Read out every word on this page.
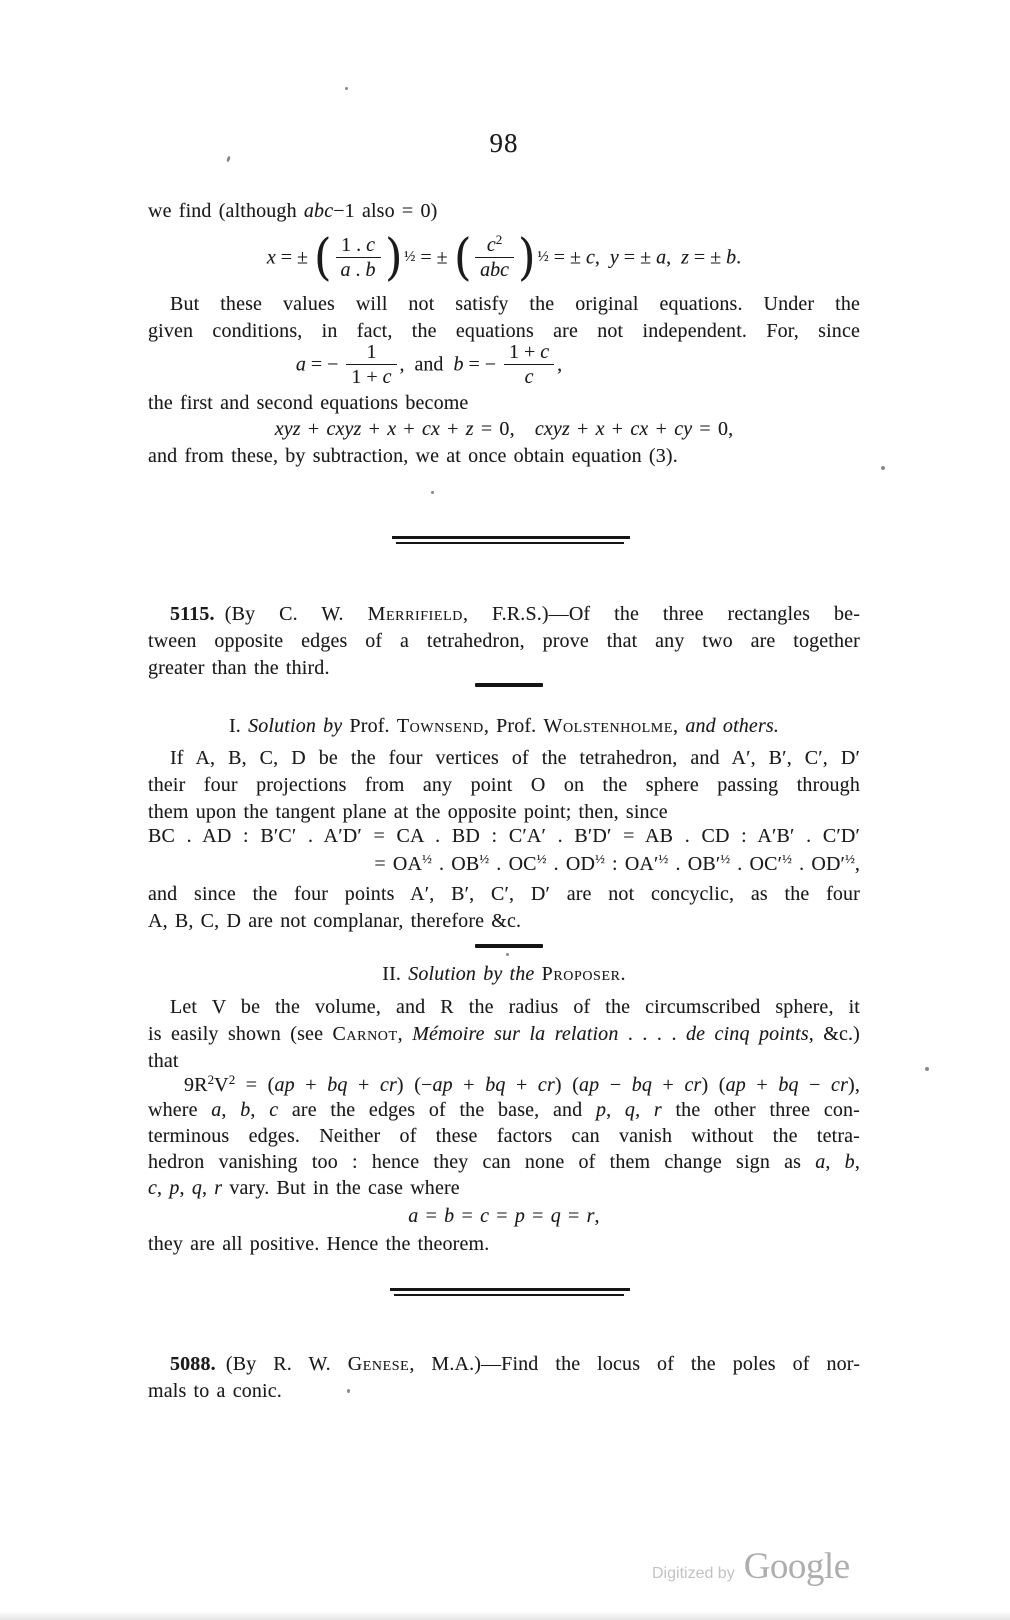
98
we find (although abc−1 also = 0)
x = ± ( $\frac{1 . c}{a . b}$ ) ½ = ± ( $\frac{c^2}{\text{abc}}$ ) ½ = ± c, y = ± a, z = ± b.
But these values will not satisfy the original equations. Under the
given conditions, in fact, the equations are not independent. For, since
a = − $\frac{1}{1 + c}$ , and b = − $\frac{1 + c}{c}$ ,
the first and second equations become
xyz + cxyz + x + cx + z = 0, cxyz + x + cx + cy = 0,
and from these, by subtraction, we at once obtain equation (3).
5115. (By C. W. Merrifield, F.R.S.)—Of the three rectangles be-
tween opposite edges of a tetrahedron, prove that any two are together
greater than the third.
I. Solution by Prof. Townsend, Prof. Wolstenholme, and others.
If A, B, C, D be the four vertices of the tetrahedron, and A′, B′, C′, D′
their four projections from any point O on the sphere passing through
them upon the tangent plane at the opposite point; then, since
BC . AD : B′C′ . A′D′ = CA . BD : C′A′ . B′D′ = AB . CD : A′B′ . C′D′
= $OA^{\frac{1}{2}}$ . $OB^{\frac{1}{2}}$ . $OC^{\frac{1}{2}}$ . $OD^{\frac{1}{2}}$ : $OA'^{\frac{1}{2}}$ . $OB'^{\frac{1}{2}}$ . $OC'^{\frac{1}{2}}$ . $OD'^{\frac{1}{2}}$,
and since the four points A′, B′, C′, D′ are not concyclic, as the four
A, B, C, D are not complanar, therefore &c.
II. Solution by the Proposer.
Let V be the volume, and R the radius of the circumscribed sphere, it
is easily shown (see Carnot, Mémoire sur la relation . . . . de cinq points, &c.)
that
$9R^2V^2 = (ap$ + bq + cr) (−ap + bq + cr) (ap − bq + cr) (ap + bq − cr),
where a, b, c are the edges of the base, and p, q, r the other three con-
terminous edges. Neither of these factors can vanish without the tetra-
hedron vanishing too : hence they can none of them change sign as a, b,
c, p, q, r vary. But in the case where
a = b = c = p = q = r,
they are all positive. Hence the theorem.
5088. (By R. W. Genese, M.A.)—Find the locus of the poles of nor-
mals to a conic.
Digitized by Google
